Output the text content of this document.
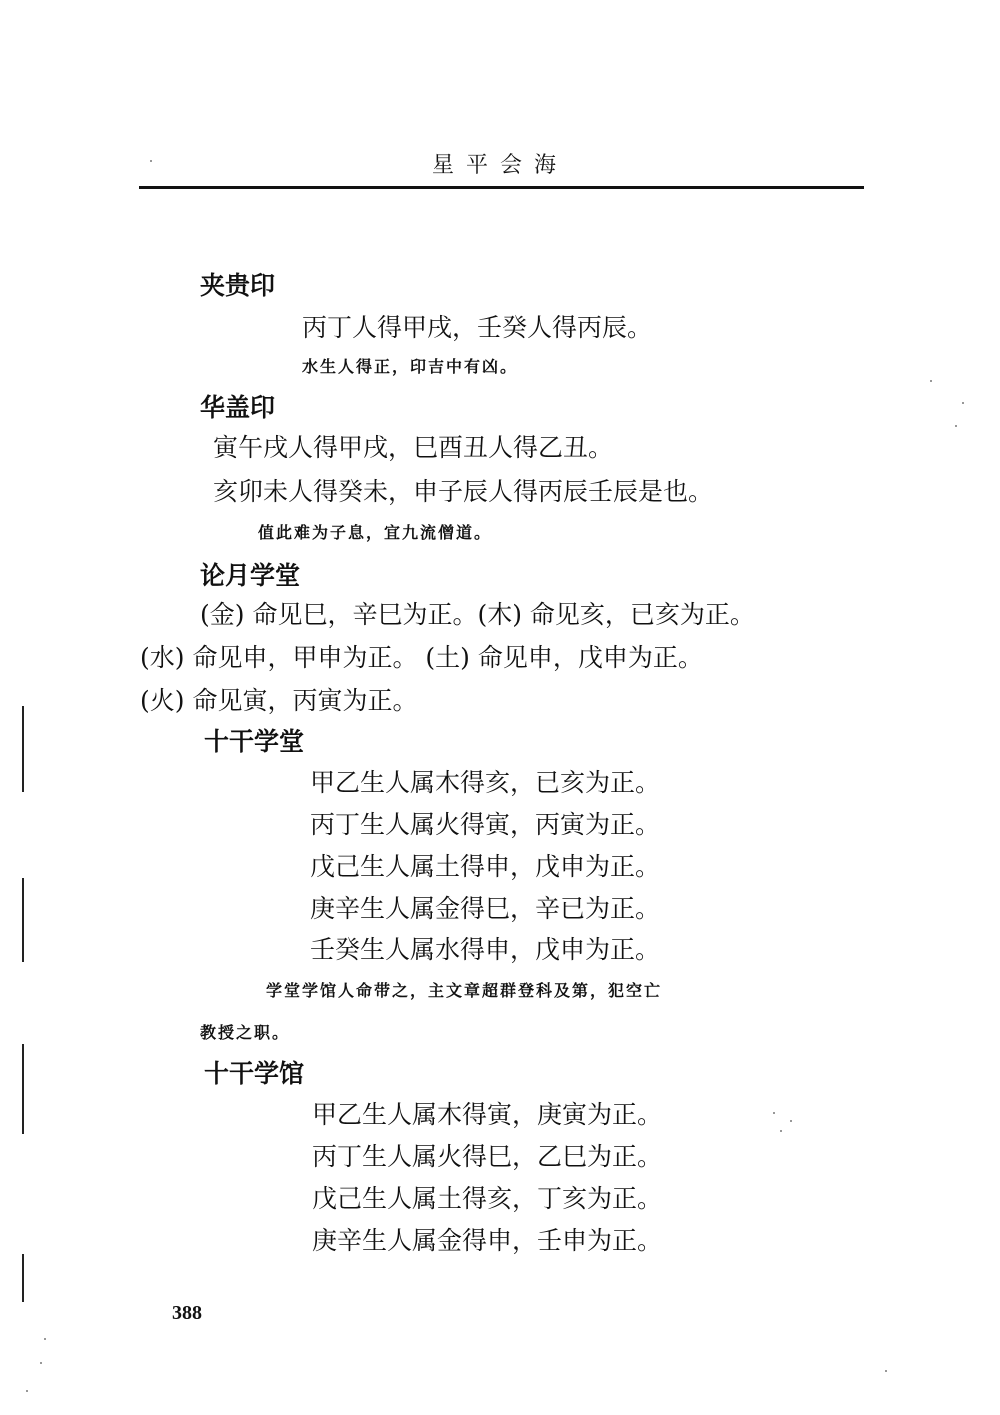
星平会海
夹贵印
丙丁人得甲戌，壬癸人得丙辰。
水生人得正，印吉中有凶。
华盖印
寅午戌人得甲戌，巳酉丑人得乙丑。
亥卯未人得癸未，申子辰人得丙辰壬辰是也。
值此难为子息，宜九流僧道。
论月学堂
(金) 命见巳，辛巳为正。(木) 命见亥，已亥为正。
(水) 命见申，甲申为正。 (土) 命见申，戊申为正。
(火) 命见寅，丙寅为正。
十干学堂
甲乙生人属木得亥，已亥为正。
丙丁生人属火得寅，丙寅为正。
戊己生人属土得申，戊申为正。
庚辛生人属金得巳，辛已为正。
壬癸生人属水得申，戊申为正。
学堂学馆人命带之，主文章超群登科及第，犯空亡
教授之职。
十干学馆
甲乙生人属木得寅，庚寅为正。
丙丁生人属火得巳，乙巳为正。
戊己生人属土得亥，丁亥为正。
庚辛生人属金得申，壬申为正。
388
